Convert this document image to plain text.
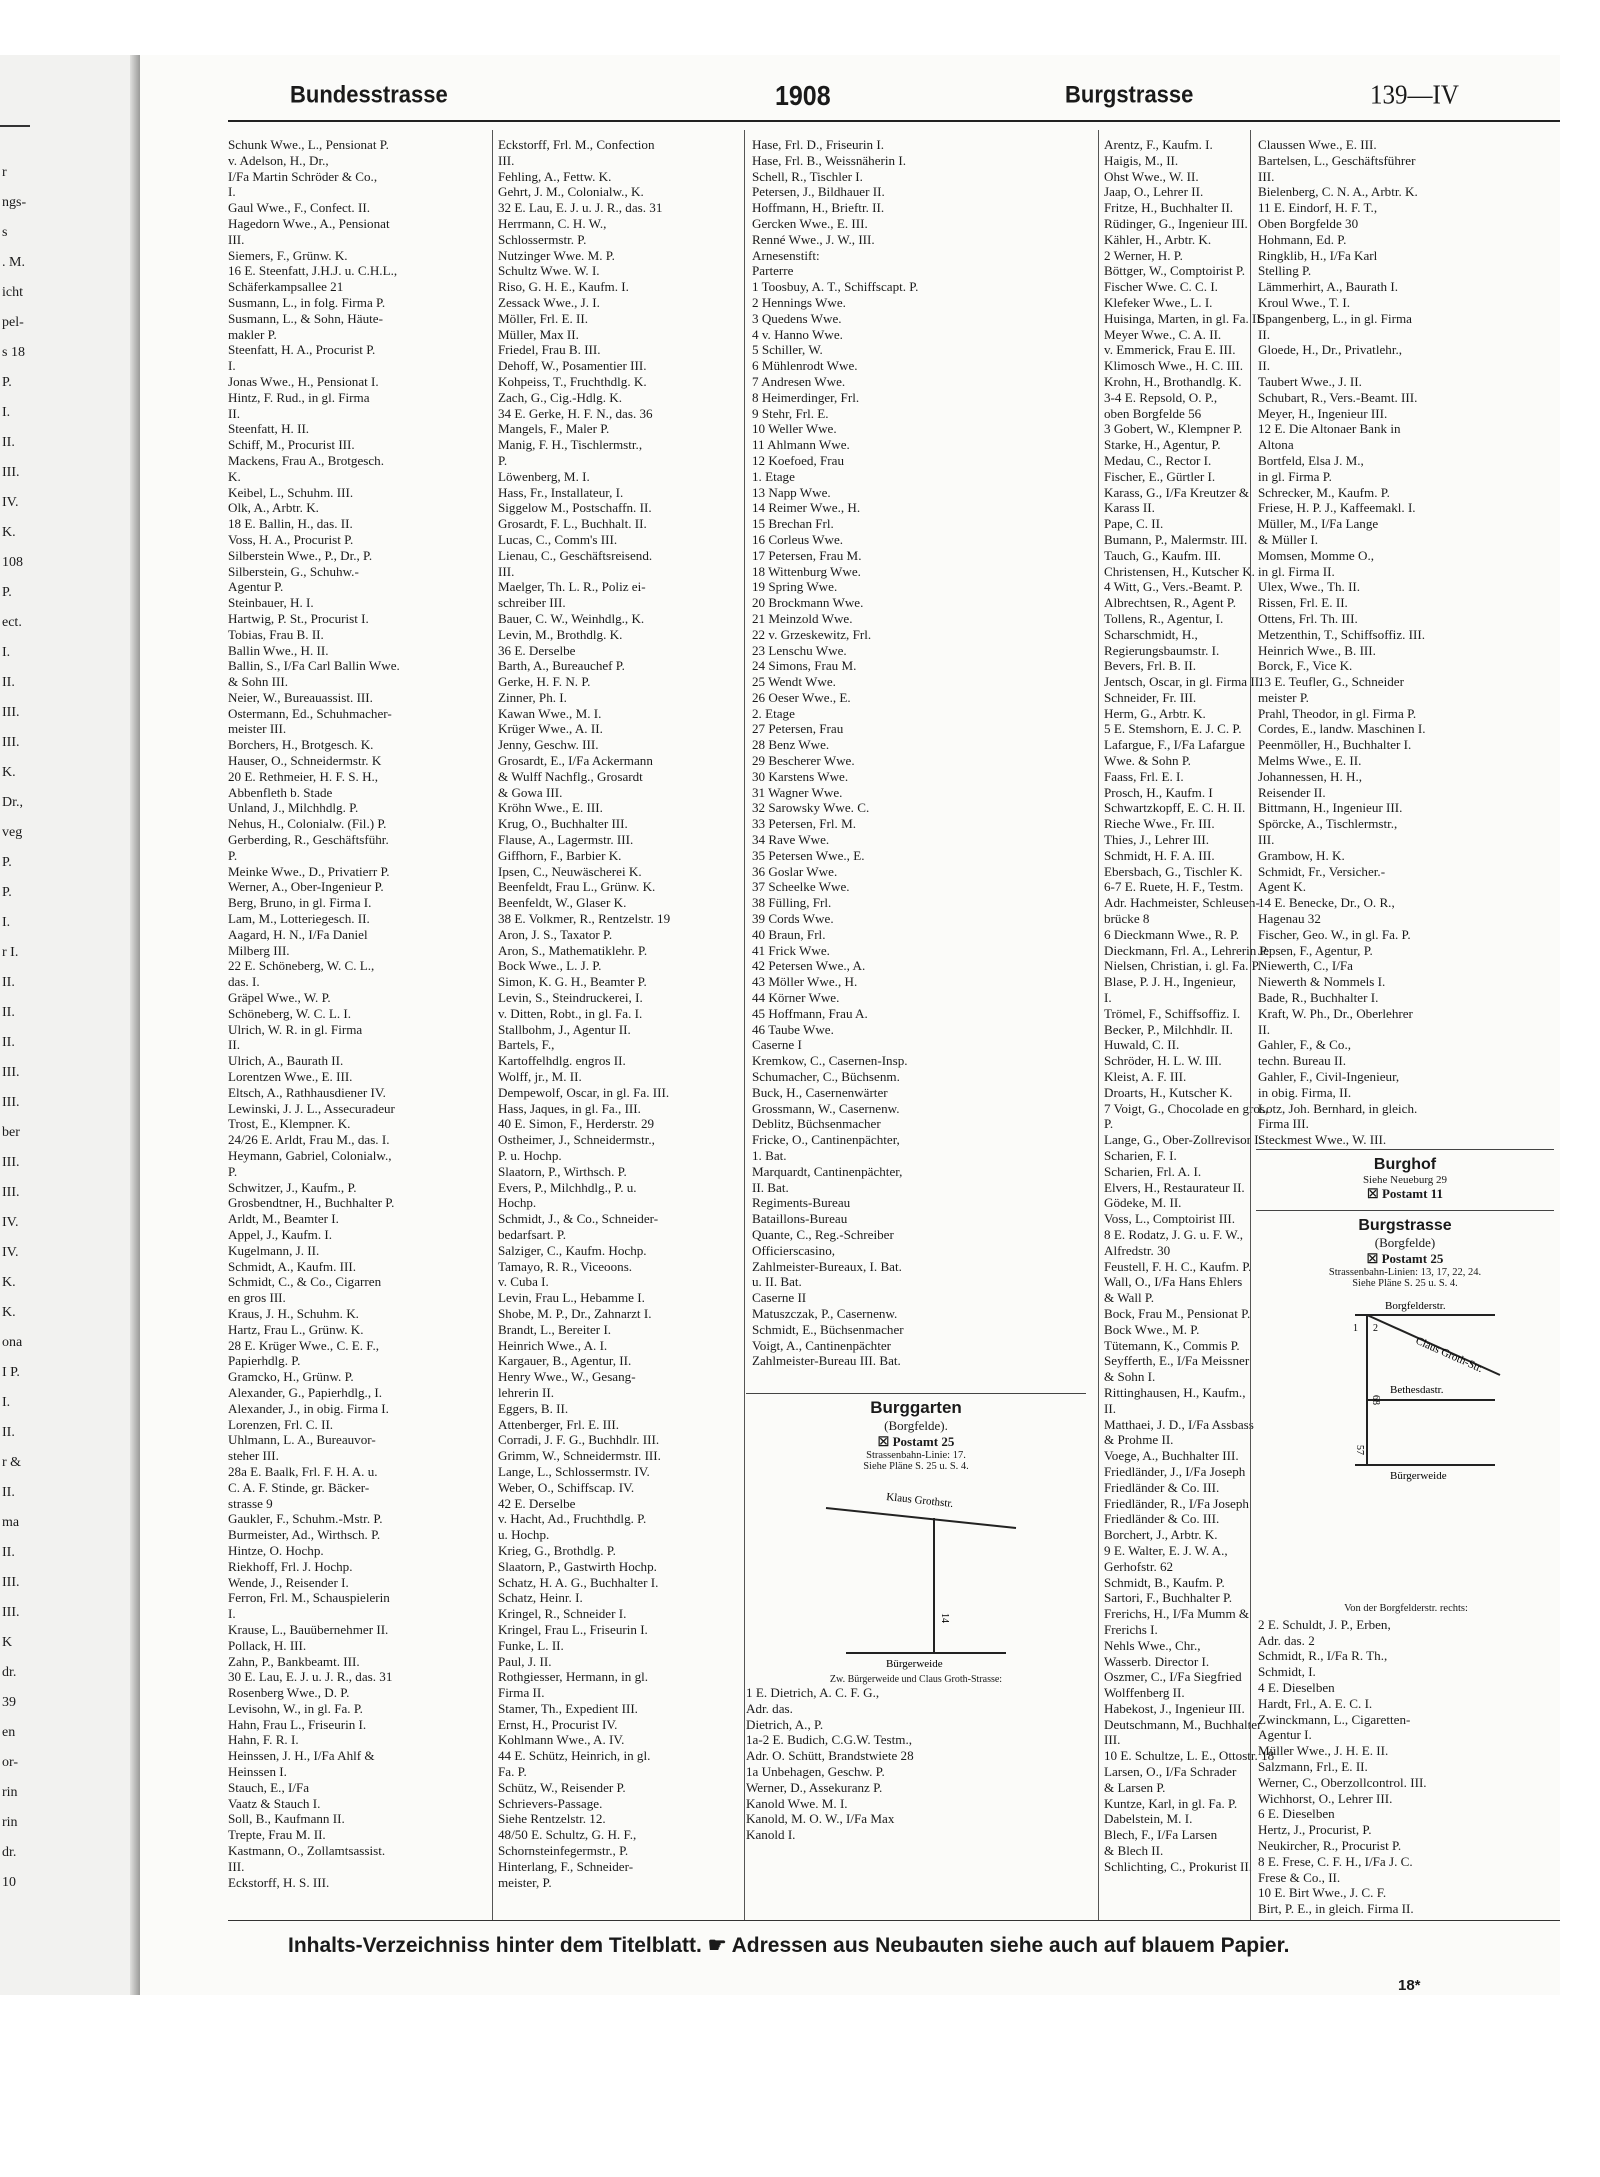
r
ngs-
s
. M.
icht
pel-
s 18
P.
I.
II.
III.
IV.
K.
108
P.
ect.
I.
II.
III.
III.
K.
Dr.,
veg
P.
P.
I.
r I.
II.
II.
II.
III.
III.
ber
III.
III.
IV.
IV.
K.
K.
ona
I P.
I.
II.
r &
II.
ma
II.
III.
III.
K
dr.
39
en
or-
rin
rin
dr.
10
Bundesstrasse	1908	Burgstrasse	139—IV
Schunk Wwe., L., Pensionat P.
v. Adelson, H., Dr.,
I/Fa Martin Schröder & Co.,
I.
Gaul Wwe., F., Confect. II.
Hagedorn Wwe., A., Pensionat
III.
Siemers, F., Grünw. K.
16 E. Steenfatt, J.H.J. u. C.H.L.,
Schäferkampsallee 21
Susmann, L., in folg. Firma P.
Susmann, L., & Sohn, Häute-
makler P.
Steenfatt, H. A., Procurist P.
I.
Jonas Wwe., H., Pensionat I.
Hintz, F. Rud., in gl. Firma
II.
Steenfatt, H. II.
Schiff, M., Procurist III.
Mackens, Frau A., Brotgesch.
K.
Keibel, L., Schuhm. III.
Olk, A., Arbtr. K.
18 E. Ballin, H., das. II.
Voss, H. A., Procurist P.
Silberstein Wwe., P., Dr., P.
Silberstein, G., Schuhw.-
Agentur P.
Steinbauer, H. I.
Hartwig, P. St., Procurist I.
Tobias, Frau B. II.
Ballin Wwe., H. II.
Ballin, S., I/Fa Carl Ballin Wwe.
& Sohn III.
Neier, W., Bureauassist. III.
Ostermann, Ed., Schuhmacher-
meister III.
Borchers, H., Brotgesch. K.
Hauser, O., Schneidermstr. K
20 E. Rethmeier, H. F. S. H.,
Abbenfleth b. Stade
Unland, J., Milchhdlg. P.
Nehus, H., Colonialw. (Fil.) P.
Gerberding, R., Geschäftsführ.
P.
Meinke Wwe., D., Privatierr P.
Werner, A., Ober-Ingenieur P.
Berg, Bruno, in gl. Firma I.
Lam, M., Lotteriegesch. II.
Aagard, H. N., I/Fa Daniel
Milberg III.
22 E. Schöneberg, W. C. L.,
das. I.
Gräpel Wwe., W. P.
Schöneberg, W. C. L. I.
Ulrich, W. R. in gl. Firma
II.
Ulrich, A., Baurath II.
Lorentzen Wwe., E. III.
Eltsch, A., Rathhausdiener IV.
Lewinski, J. J. L., Assecuradeur
Trost, E., Klempner. K.
24/26 E. Arldt, Frau M., das. I.
Heymann, Gabriel, Colonialw.,
P.
Schwitzer, J., Kaufm., P.
Grosbendtner, H., Buchhalter P.
Arldt, M., Beamter I.
Appel, J., Kaufm. I.
Kugelmann, J. II.
Schmidt, A., Kaufm. III.
Schmidt, C., & Co., Cigarren
en gros III.
Kraus, J. H., Schuhm. K.
Hartz, Frau L., Grünw. K.
28 E. Krüger Wwe., C. E. F.,
Papierhdlg. P.
Gramcko, H., Grünw. P.
Alexander, G., Papierhdlg., I.
Alexander, J., in obig. Firma I.
Lorenzen, Frl. C. II.
Uhlmann, L. A., Bureauvor-
steher III.
28a E. Baalk, Frl. F. H. A. u.
C. A. F. Stinde, gr. Bäcker-
strasse 9
Gaukler, F., Schuhm.-Mstr. P.
Burmeister, Ad., Wirthsch. P.
Hintze, O. Hochp.
Riekhoff, Frl. J. Hochp.
Wende, J., Reisender I.
Ferron, Frl. M., Schauspielerin
I.
Krause, L., Bauübernehmer II.
Pollack, H. III.
Zahn, P., Bankbeamt. III.
30 E. Lau, E. J. u. J. R., das. 31
Rosenberg Wwe., D. P.
Levisohn, W., in gl. Fa. P.
Hahn, Frau L., Friseurin I.
Hahn, F. R. I.
Heinssen, J. H., I/Fa Ahlf &
Heinssen I.
Stauch, E., I/Fa
Vaatz & Stauch I.
Soll, B., Kaufmann II.
Trepte, Frau M. II.
Kastmann, O., Zollamtsassist.
III.
Eckstorff, H. S. III.
Eckstorff, Frl. M., Confection
III.
Fehling, A., Fettw. K.
Gehrt, J. M., Colonialw., K.
32 E. Lau, E. J. u. J. R., das. 31
Herrmann, C. H. W.,
Schlossermstr. P.
Nutzinger Wwe. M. P.
Schultz Wwe. W. I.
Riso, G. H. E., Kaufm. I.
Zessack Wwe., J. I.
Möller, Frl. E. II.
Müller, Max II.
Friedel, Frau B. III.
Dehoff, W., Posamentier III.
Kohpeiss, T., Fruchthdlg. K.
Zach, G., Cig.-Hdlg. K.
34 E. Gerke, H. F. N., das. 36
Mangels, F., Maler P.
Manig, F. H., Tischlermstr.,
P.
Löwenberg, M. I.
Hass, Fr., Installateur, I.
Siggelow M., Postschaffn. II.
Grosardt, F. L., Buchhalt. II.
Lucas, C., Comm's III.
Lienau, C., Geschäftsreisend.
III.
Maelger, Th. L. R., Poliz ei-
schreiber III.
Bauer, C. W., Weinhdlg., K.
Levin, M., Brothdlg. K.
36 E. Derselbe
Barth, A., Bureauchef P.
Gerke, H. F. N. P.
Zinner, Ph. I.
Kawan Wwe., M. I.
Krüger Wwe., A. II.
Jenny, Geschw. III.
Grosardt, E., I/Fa Ackermann
& Wulff Nachflg., Grosardt
& Gowa III.
Kröhn Wwe., E. III.
Krug, O., Buchhalter III.
Flause, A., Lagermstr. III.
Giffhorn, F., Barbier K.
Ipsen, C., Neuwäscherei K.
Beenfeldt, Frau L., Grünw. K.
Beenfeldt, W., Glaser K.
38 E. Volkmer, R., Rentzelstr. 19
Aron, J. S., Taxator P.
Aron, S., Mathematiklehr. P.
Bock Wwe., L. J. P.
Simon, K. G. H., Beamter P.
Levin, S., Steindruckerei, I.
v. Ditten, Robt., in gl. Fa. I.
Stallbohm, J., Agentur II.
Bartels, F.,
Kartoffelhdlg. engros II.
Wolff, jr., M. II.
Dempewolf, Oscar, in gl. Fa. III.
Hass, Jaques, in gl. Fa., III.
40 E. Simon, F., Herderstr. 29
Ostheimer, J., Schneidermstr.,
P. u. Hochp.
Slaatorn, P., Wirthsch. P.
Evers, P., Milchhdlg., P. u.
Hochp.
Schmidt, J., & Co., Schneider-
bedarfsart. P.
Salziger, C., Kaufm. Hochp.
Tamayo, R. R., Viceoons.
v. Cuba I.
Levin, Frau L., Hebamme I.
Shobe, M. P., Dr., Zahnarzt I.
Brandt, L., Bereiter I.
Heinrich Wwe., A. I.
Kargauer, B., Agentur, II.
Henry Wwe., W., Gesang-
lehrerin II.
Eggers, B. II.
Attenberger, Frl. E. III.
Corradi, J. F. G., Buchhdlr. III.
Grimm, W., Schneidermstr. III.
Lange, L., Schlossermstr. IV.
Weber, O., Schiffscap. IV.
42 E. Derselbe
v. Hacht, Ad., Fruchthdlg. P.
u. Hochp.
Krieg, G., Brothdlg. P.
Slaatorn, P., Gastwirth Hochp.
Schatz, H. A. G., Buchhalter I.
Schatz, Heinr. I.
Kringel, R., Schneider I.
Kringel, Frau L., Friseurin I.
Funke, L. II.
Paul, J. II.
Rothgiesser, Hermann, in gl.
Firma II.
Stamer, Th., Expedient III.
Ernst, H., Procurist IV.
Kohlmann Wwe., A. IV.
44 E. Schütz, Heinrich, in gl.
Fa. P.
Schütz, W., Reisender P.
Schrievers-Passage.
Siehe Rentzelstr. 12.
48/50 E. Schultz, G. H. F.,
Schornsteinfegermstr., P.
Hinterlang, F., Schneider-
meister, P.
Hase, Frl. D., Friseurin I.
Hase, Frl. B., Weissnäherin I.
Schell, R., Tischler I.
Petersen, J., Bildhauer II.
Hoffmann, H., Brieftr. II.
Gercken Wwe., E. III.
Renné Wwe., J. W., III.
Arnesenstift:
Parterre
1 Toosbuy, A. T., Schiffscapt. P.
2 Hennings Wwe.
3 Quedens Wwe.
4 v. Hanno Wwe.
5 Schiller, W.
6 Mühlenrodt Wwe.
7 Andresen Wwe.
8 Heimerdinger, Frl.
9 Stehr, Frl. E.
10 Weller Wwe.
11 Ahlmann Wwe.
12 Koefoed, Frau
1. Etage
13 Napp Wwe.
14 Reimer Wwe., H.
15 Brechan Frl.
16 Corleus Wwe.
17 Petersen, Frau M.
18 Wittenburg Wwe.
19 Spring Wwe.
20 Brockmann Wwe.
21 Meinzold Wwe.
22 v. Grzeskewitz, Frl.
23 Lenschu Wwe.
24 Simons, Frau M.
25 Wendt Wwe.
26 Oeser Wwe., E.
2. Etage
27 Petersen, Frau
28 Benz Wwe.
29 Bescherer Wwe.
30 Karstens Wwe.
31 Wagner Wwe.
32 Sarowsky Wwe. C.
33 Petersen, Frl. M.
34 Rave Wwe.
35 Petersen Wwe., E.
36 Goslar Wwe.
37 Scheelke Wwe.
38 Fülling, Frl.
39 Cords Wwe.
40 Braun, Frl.
41 Frick Wwe.
42 Petersen Wwe., A.
43 Möller Wwe., H.
44 Körner Wwe.
45 Hoffmann, Frau A.
46 Taube Wwe.
Caserne I
Kremkow, C., Casernen-Insp.
Schumacher, C., Büchsenm.
Buck, H., Casernenwärter
Grossmann, W., Casernenw.
Deblitz, Büchsenmacher
Fricke, O., Cantinenpächter,
1. Bat.
Marquardt, Cantinenpächter,
II. Bat.
Regiments-Bureau
Bataillons-Bureau
Quante, C., Reg.-Schreiber
Officierscasino,
Zahlmeister-Bureaux, I. Bat.
u. II. Bat.
Caserne II
Matuszczak, P., Casernenw.
Schmidt, E., Büchsenmacher
Voigt, A., Cantinenpächter
Zahlmeister-Bureau III. Bat.
Arentz, F., Kaufm. I.
Haigis, M., II.
Ohst Wwe., W. II.
Jaap, O., Lehrer II.
Fritze, H., Buchhalter II.
Rüdinger, G., Ingenieur III.
Kähler, H., Arbtr. K.
2 Werner, H. P.
Böttger, W., Comptoirist P.
Fischer Wwe. C. C. I.
Klefeker Wwe., L. I.
Huisinga, Marten, in gl. Fa. II.
Meyer Wwe., C. A. II.
v. Emmerick, Frau E. III.
Klimosch Wwe., H. C. III.
Krohn, H., Brothandlg. K.
3-4 E. Repsold, O. P.,
oben Borgfelde 56
3 Gobert, W., Klempner P.
Starke, H., Agentur, P.
Medau, C., Rector I.
Fischer, E., Gürtler I.
Karass, G., I/Fa Kreutzer &
Karass II.
Pape, C. II.
Bumann, P., Malermstr. III.
Tauch, G., Kaufm. III.
Christensen, H., Kutscher K.
4 Witt, G., Vers.-Beamt. P.
Albrechtsen, R., Agent P.
Tollens, R., Agentur, I.
Scharschmidt, H.,
Regierungsbaumstr. I.
Bevers, Frl. B. II.
Jentsch, Oscar, in gl. Firma II.
Schneider, Fr. III.
Herm, G., Arbtr. K.
5 E. Stemshorn, E. J. C. P.
Lafargue, F., I/Fa Lafargue
Wwe. & Sohn P.
Faass, Frl. E. I.
Prosch, H., Kaufm. I
Schwartzkopff, E. C. H. II.
Rieche Wwe., Fr. III.
Thies, J., Lehrer III.
Schmidt, H. F. A. III.
Ebersbach, G., Tischler K.
6-7 E. Ruete, H. F., Testm.
Adr. Hachmeister, Schleusen-
brücke 8
6 Dieckmann Wwe., R. P.
Dieckmann, Frl. A., Lehrerin P.
Nielsen, Christian, i. gl. Fa. P.
Blase, P. J. H., Ingenieur,
I.
Trömel, F., Schiffsoffiz. I.
Becker, P., Milchhdlr. II.
Huwald, C. II.
Schröder, H. L. W. III.
Kleist, A. F. III.
Droarts, H., Kutscher K.
7 Voigt, G., Chocolade en gros,
P.
Lange, G., Ober-Zollrevisor I.
Scharien, F. I.
Scharien, Frl. A. I.
Elvers, H., Restaurateur II.
Gödeke, M. II.
Voss, L., Comptoirist III.
8 E. Rodatz, J. G. u. F. W.,
Alfredstr. 30
Feustell, F. H. C., Kaufm. P.
Wall, O., I/Fa Hans Ehlers
& Wall P.
Bock, Frau M., Pensionat P.
Bock Wwe., M. P.
Tütemann, K., Commis P.
Seyfferth, E., I/Fa Meissner
& Sohn I.
Rittinghausen, H., Kaufm.,
II.
Matthaei, J. D., I/Fa Assbass
& Prohme II.
Voege, A., Buchhalter III.
Friedländer, J., I/Fa Joseph
Friedländer & Co. III.
Friedländer, R., I/Fa Joseph
Friedländer & Co. III.
Borchert, J., Arbtr. K.
9 E. Walter, E. J. W. A.,
Gerhofstr. 62
Schmidt, B., Kaufm. P.
Sartori, F., Buchhalter P.
Frerichs, H., I/Fa Mumm &
Frerichs I.
Nehls Wwe., Chr.,
Wasserb. Director I.
Oszmer, C., I/Fa Siegfried
Wolffenberg II.
Habekost, J., Ingenieur III.
Deutschmann, M., Buchhalter
III.
10 E. Schultze, L. E., Ottostr. 18
Larsen, O., I/Fa Schrader
& Larsen P.
Kuntze, Karl, in gl. Fa. P.
Dabelstein, M. I.
Blech, F., I/Fa Larsen
& Blech II.
Schlichting, C., Prokurist II.
Claussen Wwe., E. III.
Bartelsen, L., Geschäftsführer
III.
Bielenberg, C. N. A., Arbtr. K.
11 E. Eindorf, H. F. T.,
Oben Borgfelde 30
Hohmann, Ed. P.
Ringklib, H., I/Fa Karl
Stelling P.
Lämmerhirt, A., Baurath I.
Kroul Wwe., T. I.
Spangenberg, L., in gl. Firma
II.
Gloede, H., Dr., Privatlehr.,
II.
Taubert Wwe., J. II.
Schubart, R., Vers.-Beamt. III.
Meyer, H., Ingenieur III.
12 E. Die Altonaer Bank in
Altona
Bortfeld, Elsa J. M.,
in gl. Firma P.
Schrecker, M., Kaufm. P.
Friese, H. P. J., Kaffeemakl. I.
Müller, M., I/Fa Lange
& Müller I.
Momsen, Momme O.,
in gl. Firma II.
Ulex, Wwe., Th. II.
Rissen, Frl. E. II.
Ottens, Frl. Th. III.
Metzenthin, T., Schiffsoffiz. III.
Heinrich Wwe., B. III.
Borck, F., Vice K.
13 E. Teufler, G., Schneider
meister P.
Prahl, Theodor, in gl. Firma P.
Cordes, E., landw. Maschinen I.
Peenmöller, H., Buchhalter I.
Melms Wwe., E. II.
Johannessen, H. H.,
Reisender II.
Bittmann, H., Ingenieur III.
Spörcke, A., Tischlermstr.,
III.
Grambow, H. K.
Schmidt, Fr., Versicher.-
Agent K.
14 E. Benecke, Dr., O. R.,
Hagenau 32
Fischer, Geo. W., in gl. Fa. P.
Jepsen, F., Agentur, P.
Niewerth, C., I/Fa
Niewerth & Nommels I.
Bade, R., Buchhalter I.
Kraft, W. Ph., Dr., Oberlehrer
II.
Gahler, F., & Co.,
techn. Bureau II.
Gahler, F., Civil-Ingenieur,
in obig. Firma, II.
Lotz, Joh. Bernhard, in gleich.
Firma III.
Steckmest Wwe., W. III.
Burggarten
(Borgfelde).
☒ Postamt 25
Strassenbahn-Linie: 17.
Siehe Pläne S. 25 u. S. 4.
Klaus Grothstr.
14
Bürgerweide
Zw. Bürgerweide und Claus Groth-Strasse:
1 E. Dietrich, A. C. F. G.,
Adr. das.
Dietrich, A., P.
1a-2 E. Budich, C.G.W. Testm.,
Adr. O. Schütt, Brandstwiete 28
1a Unbehagen, Geschw. P.
Werner, D., Assekuranz P.
Kanold Wwe. M. I.
Kanold, M. O. W., I/Fa Max
Kanold I.
Burghof
Siehe Neueburg 29
☒ Postamt 11
Burgstrasse
(Borgfelde)
☒ Postamt 25
Strassenbahn-Linien: 13, 17, 22, 24.
Siehe Pläne S. 25 u. S. 4.
Borgfelderstr.
Claus Groth-Str.
Bethesdastr.
Bürgerweide
1 2
68
57
Von der Borgfelderstr. rechts:
2 E. Schuldt, J. P., Erben,
Adr. das. 2
Schmidt, R., I/Fa R. Th.,
Schmidt, I.
4 E. Dieselben
Hardt, Frl., A. E. C. I.
Zwinckmann, L., Cigaretten-
Agentur I.
Müller Wwe., J. H. E. II.
Salzmann, Frl., E. II.
Werner, C., Oberzollcontrol. III.
Wichhorst, O., Lehrer III.
6 E. Dieselben
Hertz, J., Procurist, P.
Neukircher, R., Procurist P.
8 E. Frese, C. F. H., I/Fa J. C.
Frese & Co., II.
10 E. Birt Wwe., J. C. F.
Birt, P. E., in gleich. Firma II.
Inhalts-Verzeichniss hinter dem Titelblatt. ☛ Adressen aus Neubauten siehe auch auf blauem Papier.
18*
